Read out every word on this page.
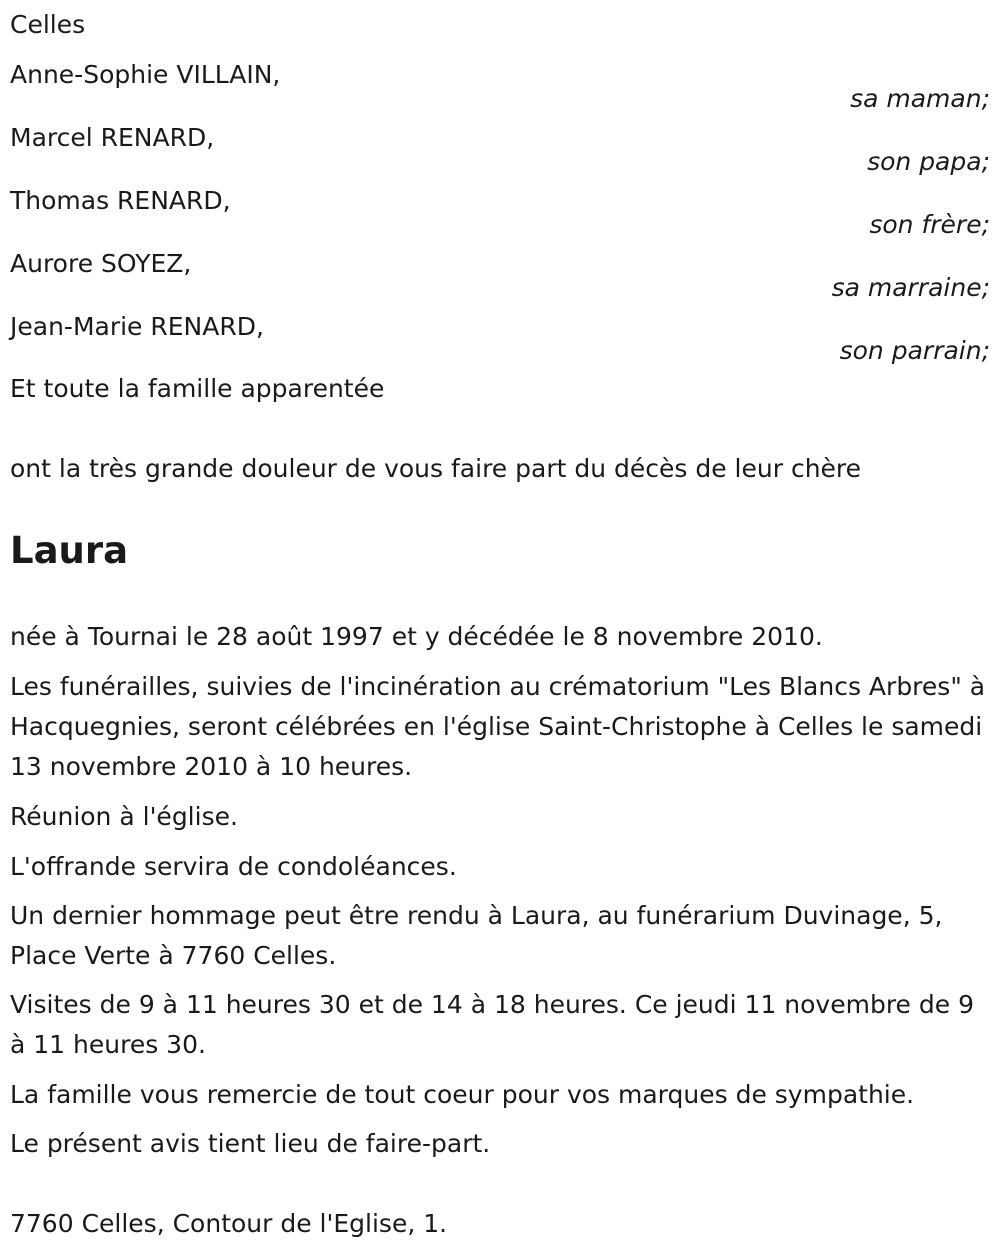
Celles
Anne-Sophie VILLAIN,
sa maman;
Marcel RENARD,
son papa;
Thomas RENARD,
son frère;
Aurore SOYEZ,
sa marraine;
Jean-Marie RENARD,
son parrain;
Et toute la famille apparentée
ont la très grande douleur de vous faire part du décès de leur chère
Laura
née à Tournai le 28 août 1997 et y décédée le 8 novembre 2010.
Les funérailles, suivies de l'incinération au crématorium "Les Blancs Arbres" à Hacquegnies, seront célébrées en l'église Saint-Christophe à Celles le samedi 13 novembre 2010 à 10 heures.
Réunion à l'église.
L'offrande servira de condoléances.
Un dernier hommage peut être rendu à Laura, au funérarium Duvinage, 5, Place Verte à 7760 Celles.
Visites de 9 à 11 heures 30 et de 14 à 18 heures. Ce jeudi 11 novembre de 9 à 11 heures 30.
La famille vous remercie de tout coeur pour vos marques de sympathie.
Le présent avis tient lieu de faire-part.
7760 Celles, Contour de l'Eglise, 1.
